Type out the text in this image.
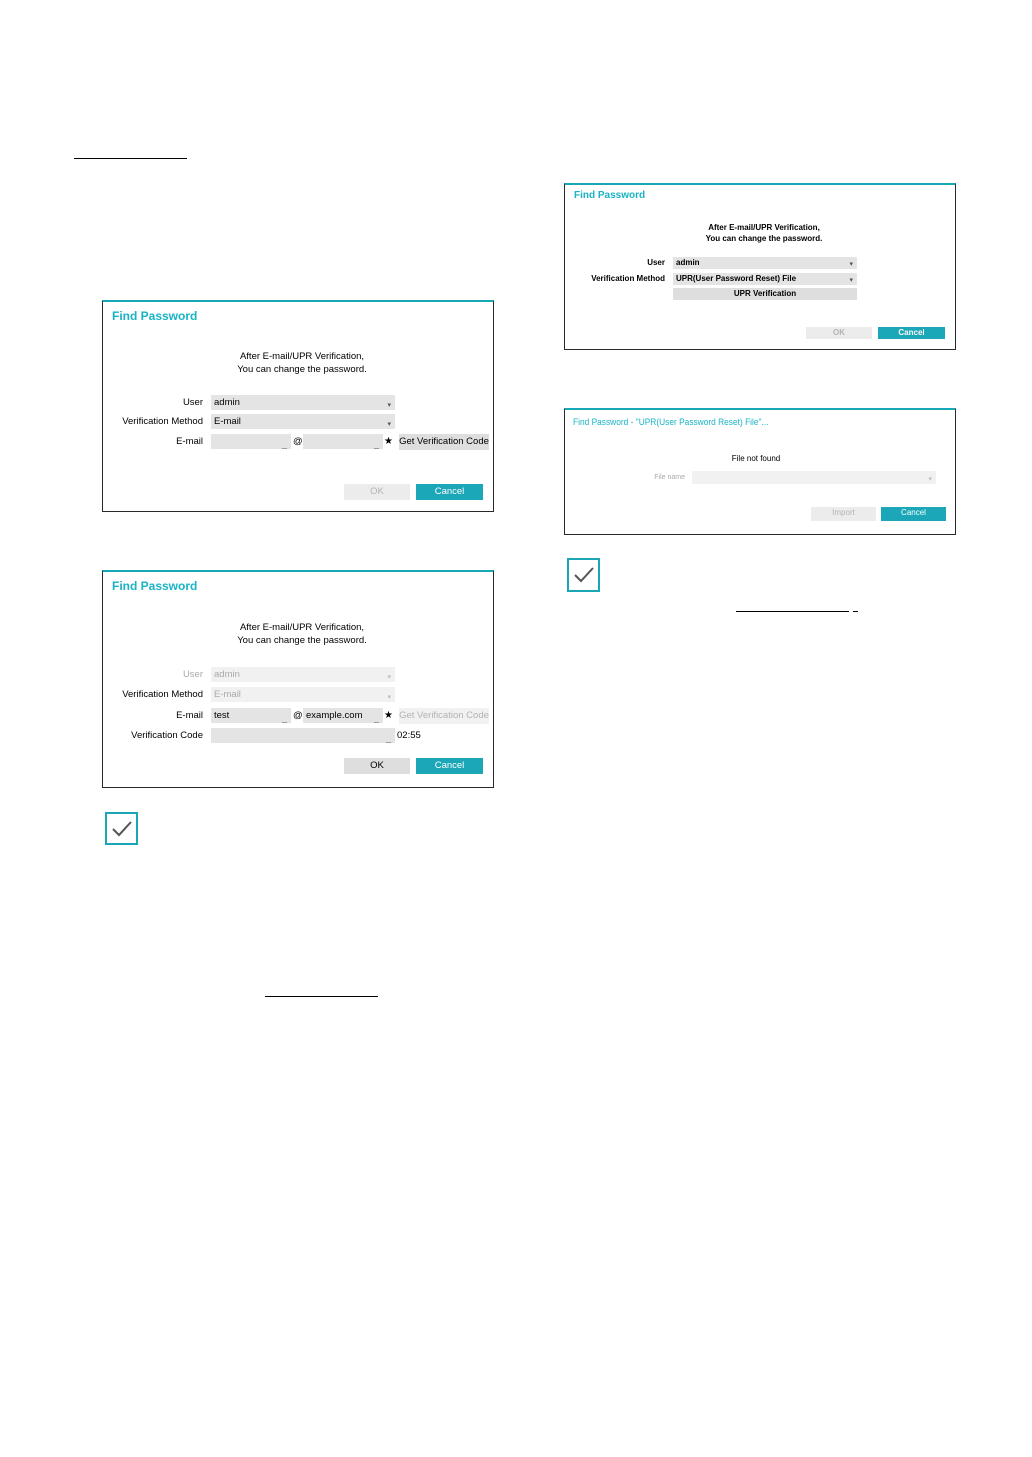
Find Password
After E-mail/UPR Verification,
You can change the password.
User	admin	▾
Verification Method	E-mail	▾
E-mail	_ @	_ ★ Get Verification Code
OK	Cancel
Find Password
After E-mail/UPR Verification,
You can change the password.
User	admin	▾
Verification Method	E-mail	▾
E-mail	test	_ @ example.com _ ★ Get Verification Code
Verification Code	_ 02:55
OK	Cancel
Find Password
After E-mail/UPR Verification,
You can change the password.
User	admin	▾
Verification Method	UPR(User Password Reset) File	▾
UPR Verification
OK	Cancel
Find Password - "UPR(User Password Reset) File"...
File not found
File name	▾
Import	Cancel
